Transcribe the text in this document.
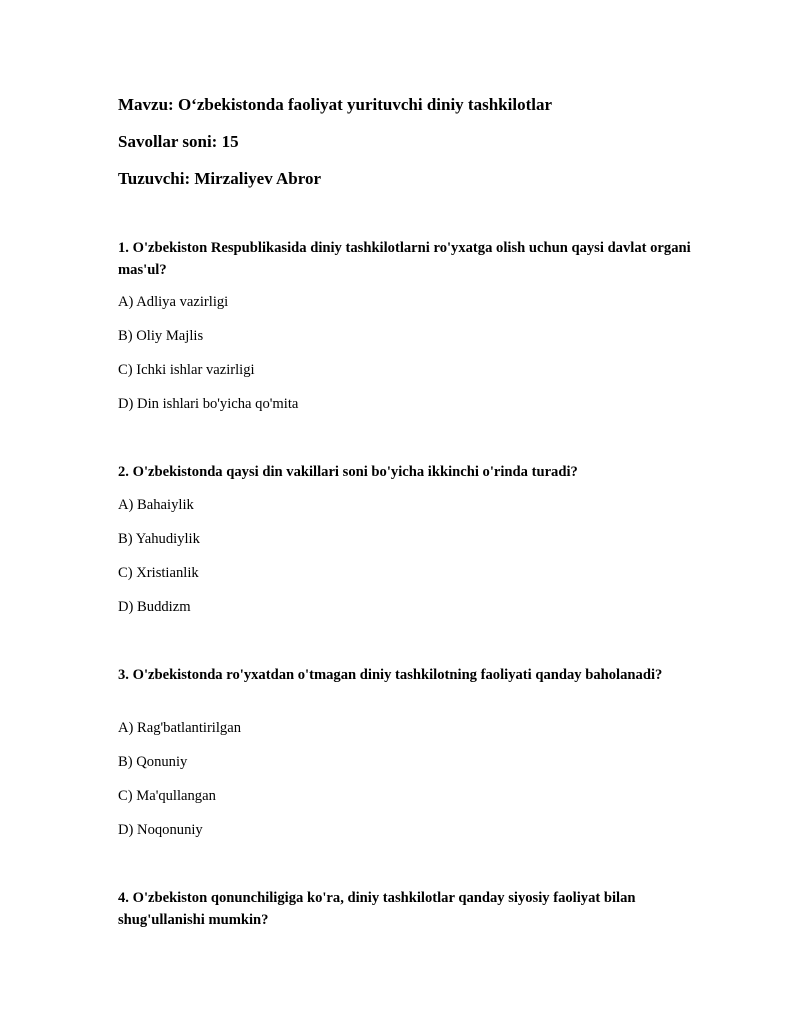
Mavzu: O‘zbekistonda faoliyat yurituvchi diniy tashkilotlar

Savollar soni: 15

Tuzuvchi: Mirzaliyev Abror

1. O'zbekiston Respublikasida diniy tashkilotlarni ro'yxatga olish uchun qaysi davlat organi mas'ul?

A) Adliya vazirligi

B) Oliy Majlis

C) Ichki ishlar vazirligi

D) Din ishlari bo'yicha qo'mita

2. O'zbekistonda qaysi din vakillari soni bo'yicha ikkinchi o'rinda turadi?

A) Bahaiylik

B) Yahudiylik

C) Xristianlik

D) Buddizm

3. O'zbekistonda ro'yxatdan o'tmagan diniy tashkilotning faoliyati qanday baholanadi?

A) Rag'batlantirilgan

B) Qonuniy

C) Ma'qullangan

D) Noqonuniy

4. O'zbekiston qonunchiligiga ko'ra, diniy tashkilotlar qanday siyosiy faoliyat bilan shug'ullanishi mumkin?
